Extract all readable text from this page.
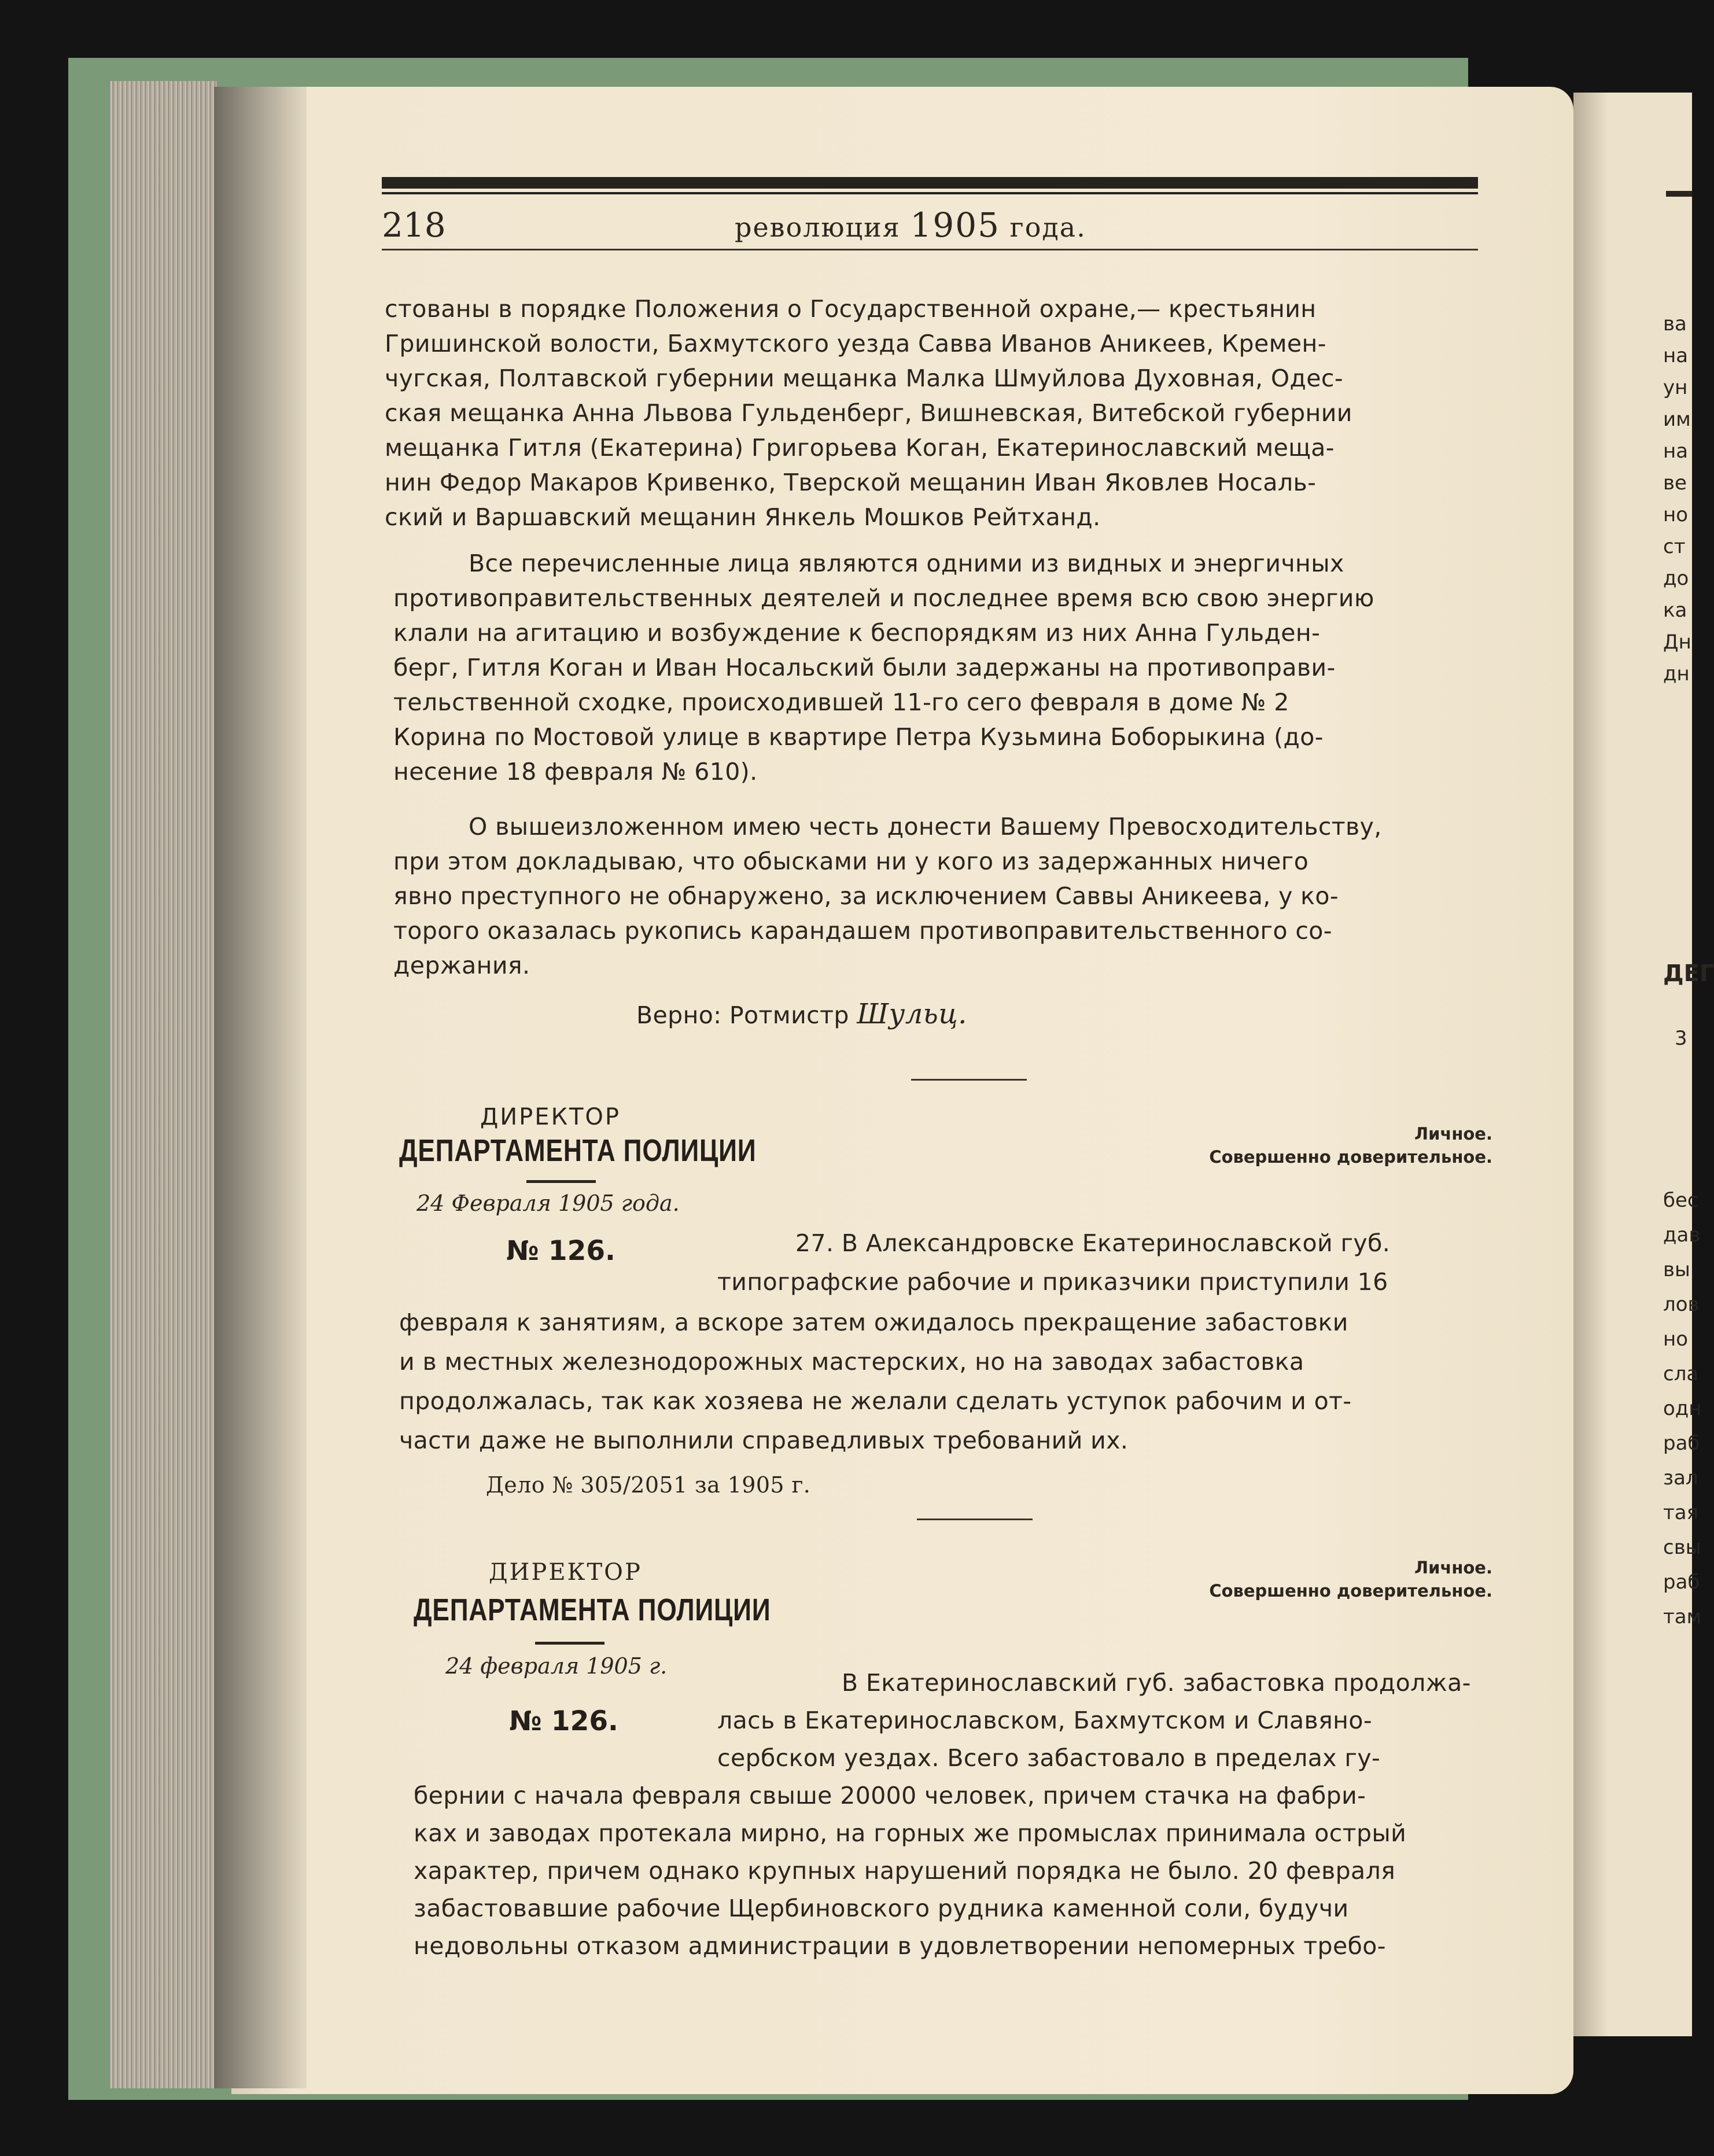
218	революция 1905 года.
стованы в порядке Положения о Государственной охране,— крестьянин
Гришинской волости, Бахмутского уезда Савва Иванов Аникеев, Кремен-
чугская, Полтавской губернии мещанка Малка Шмуйлова Духовная, Одес-
ская мещанка Анна Львова Гульденберг, Вишневская, Витебской губернии
мещанка Гитля (Екатерина) Григорьева Коган, Екатеринославский меща-
нин Федор Макаров Кривенко, Тверской мещанин Иван Яковлев Носаль-
ский и Варшавский мещанин Янкель Мошков Рейтханд.
Все перечисленные лица являются одними из видных и энергичных
противоправительственных деятелей и последнее время всю свою энергию
клали на агитацию и возбуждение к беспорядкям из них Анна Гульден-
берг, Гитля Коган и Иван Носальский были задержаны на противоправи-
тельственной сходке, происходившей 11-го сего февраля в доме № 2
Корина по Мостовой улице в квартире Петра Кузьмина Боборыкина (до-
несение 18 февраля № 610).
О вышеизложенном имею честь донести Вашему Превосходительству,
при этом докладываю, что обысками ни у кого из задержанных ничего
явно преступного не обнаружено, за исключением Саввы Аникеева, у ко-
торого оказалась рукопись карандашем противоправительственного со-
держания.
Верно: Ротмистр Шульц.
ДИРЕКТОР
ДЕПАРТАМЕНТА ПОЛИЦИИ
24 Февраля 1905 года.
№ 126.
Личное.
Совершенно доверительное.
27. В Александровске Екатеринославской губ.
типографские рабочие и приказчики приступили 16
февраля к занятиям, а вскоре затем ожидалось прекращение забастовки
и в местных железнодорожных мастерских, но на заводах забастовка
продолжалась, так как хозяева не желали сделать уступок рабочим и от-
части даже не выполнили справедливых требований их.
Дело № 305/2051 за 1905 г.
ДИРЕКТОР
ДЕПАРТАМЕНТА ПОЛИЦИИ
24 февраля 1905 г.
№ 126.
Личное.
Совершенно доверительное.
В Екатеринославский губ. забастовка продолжа-
лась в Екатеринославском, Бахмутском и Славяно-
сербском уездах. Всего забастовало в пределах гу-
бернии с начала февраля свыше 20000 человек, причем стачка на фабри-
ках и заводах протекала мирно, на горных же промыслах принимала острый
характер, причем однако крупных нарушений порядка не было. 20 февраля
забастовавшие рабочие Щербиновского рудника каменной соли, будучи
недовольны отказом администрации в удовлетворении непомерных требо-
ва
на
ун
им
на
ве
но
ст
до
ка
Дн
дн
ДЕГ
3
бес
дав
вы
лов
но
сла
одн
раб
зал
тая
свы
раб
там
